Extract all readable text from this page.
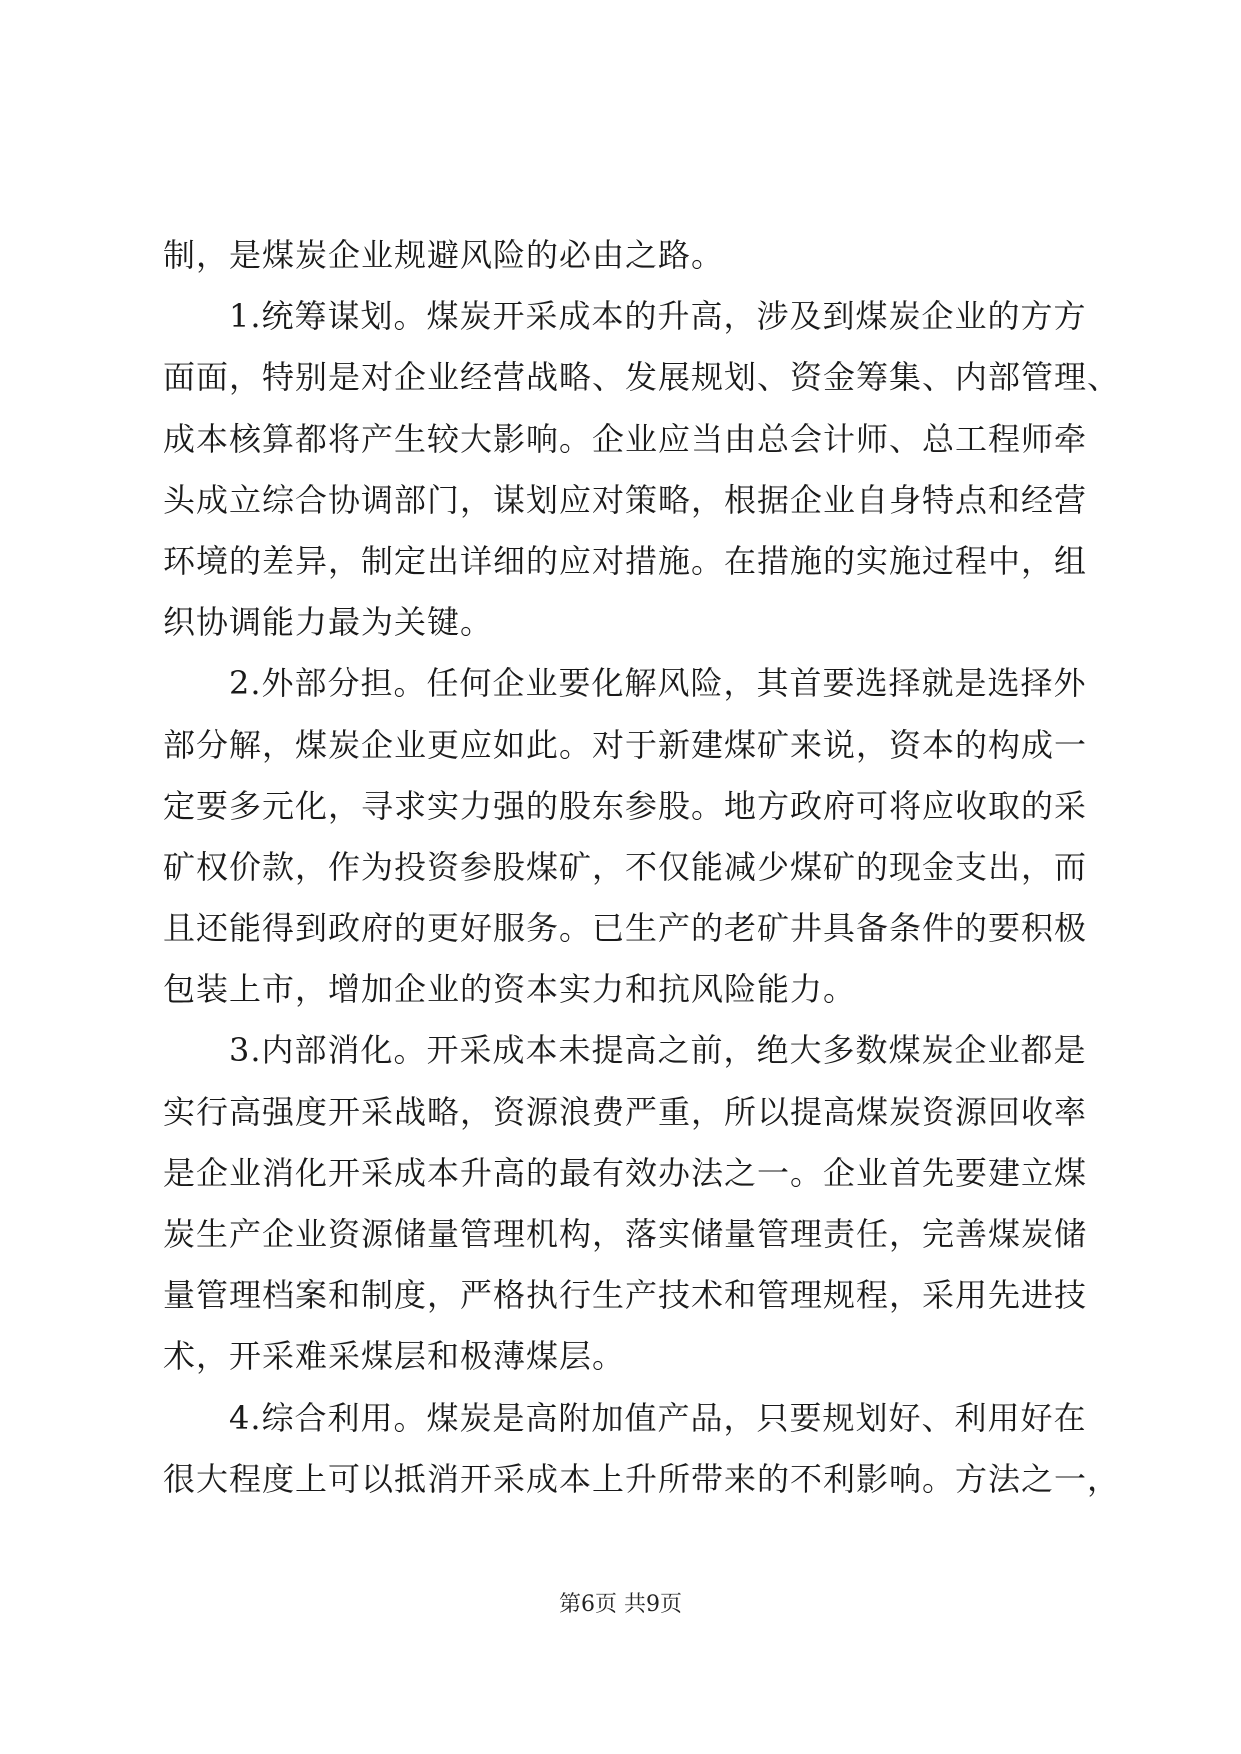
制，是煤炭企业规避风险的必由之路。
1.统筹谋划。煤炭开采成本的升高，涉及到煤炭企业的方方
面面，特别是对企业经营战略、发展规划、资金筹集、内部管理、
成本核算都将产生较大影响。企业应当由总会计师、总工程师牵
头成立综合协调部门，谋划应对策略，根据企业自身特点和经营
环境的差异，制定出详细的应对措施。在措施的实施过程中，组
织协调能力最为关键。
2.外部分担。任何企业要化解风险，其首要选择就是选择外
部分解，煤炭企业更应如此。对于新建煤矿来说，资本的构成一
定要多元化，寻求实力强的股东参股。地方政府可将应收取的采
矿权价款，作为投资参股煤矿，不仅能减少煤矿的现金支出，而
且还能得到政府的更好服务。已生产的老矿井具备条件的要积极
包装上市，增加企业的资本实力和抗风险能力。
3.内部消化。开采成本未提高之前，绝大多数煤炭企业都是
实行高强度开采战略，资源浪费严重，所以提高煤炭资源回收率
是企业消化开采成本升高的最有效办法之一。企业首先要建立煤
炭生产企业资源储量管理机构，落实储量管理责任，完善煤炭储
量管理档案和制度，严格执行生产技术和管理规程，采用先进技
术，开采难采煤层和极薄煤层。
4.综合利用。煤炭是高附加值产品，只要规划好、利用好在
很大程度上可以抵消开采成本上升所带来的不利影响。方法之一，
第6页 共9页
